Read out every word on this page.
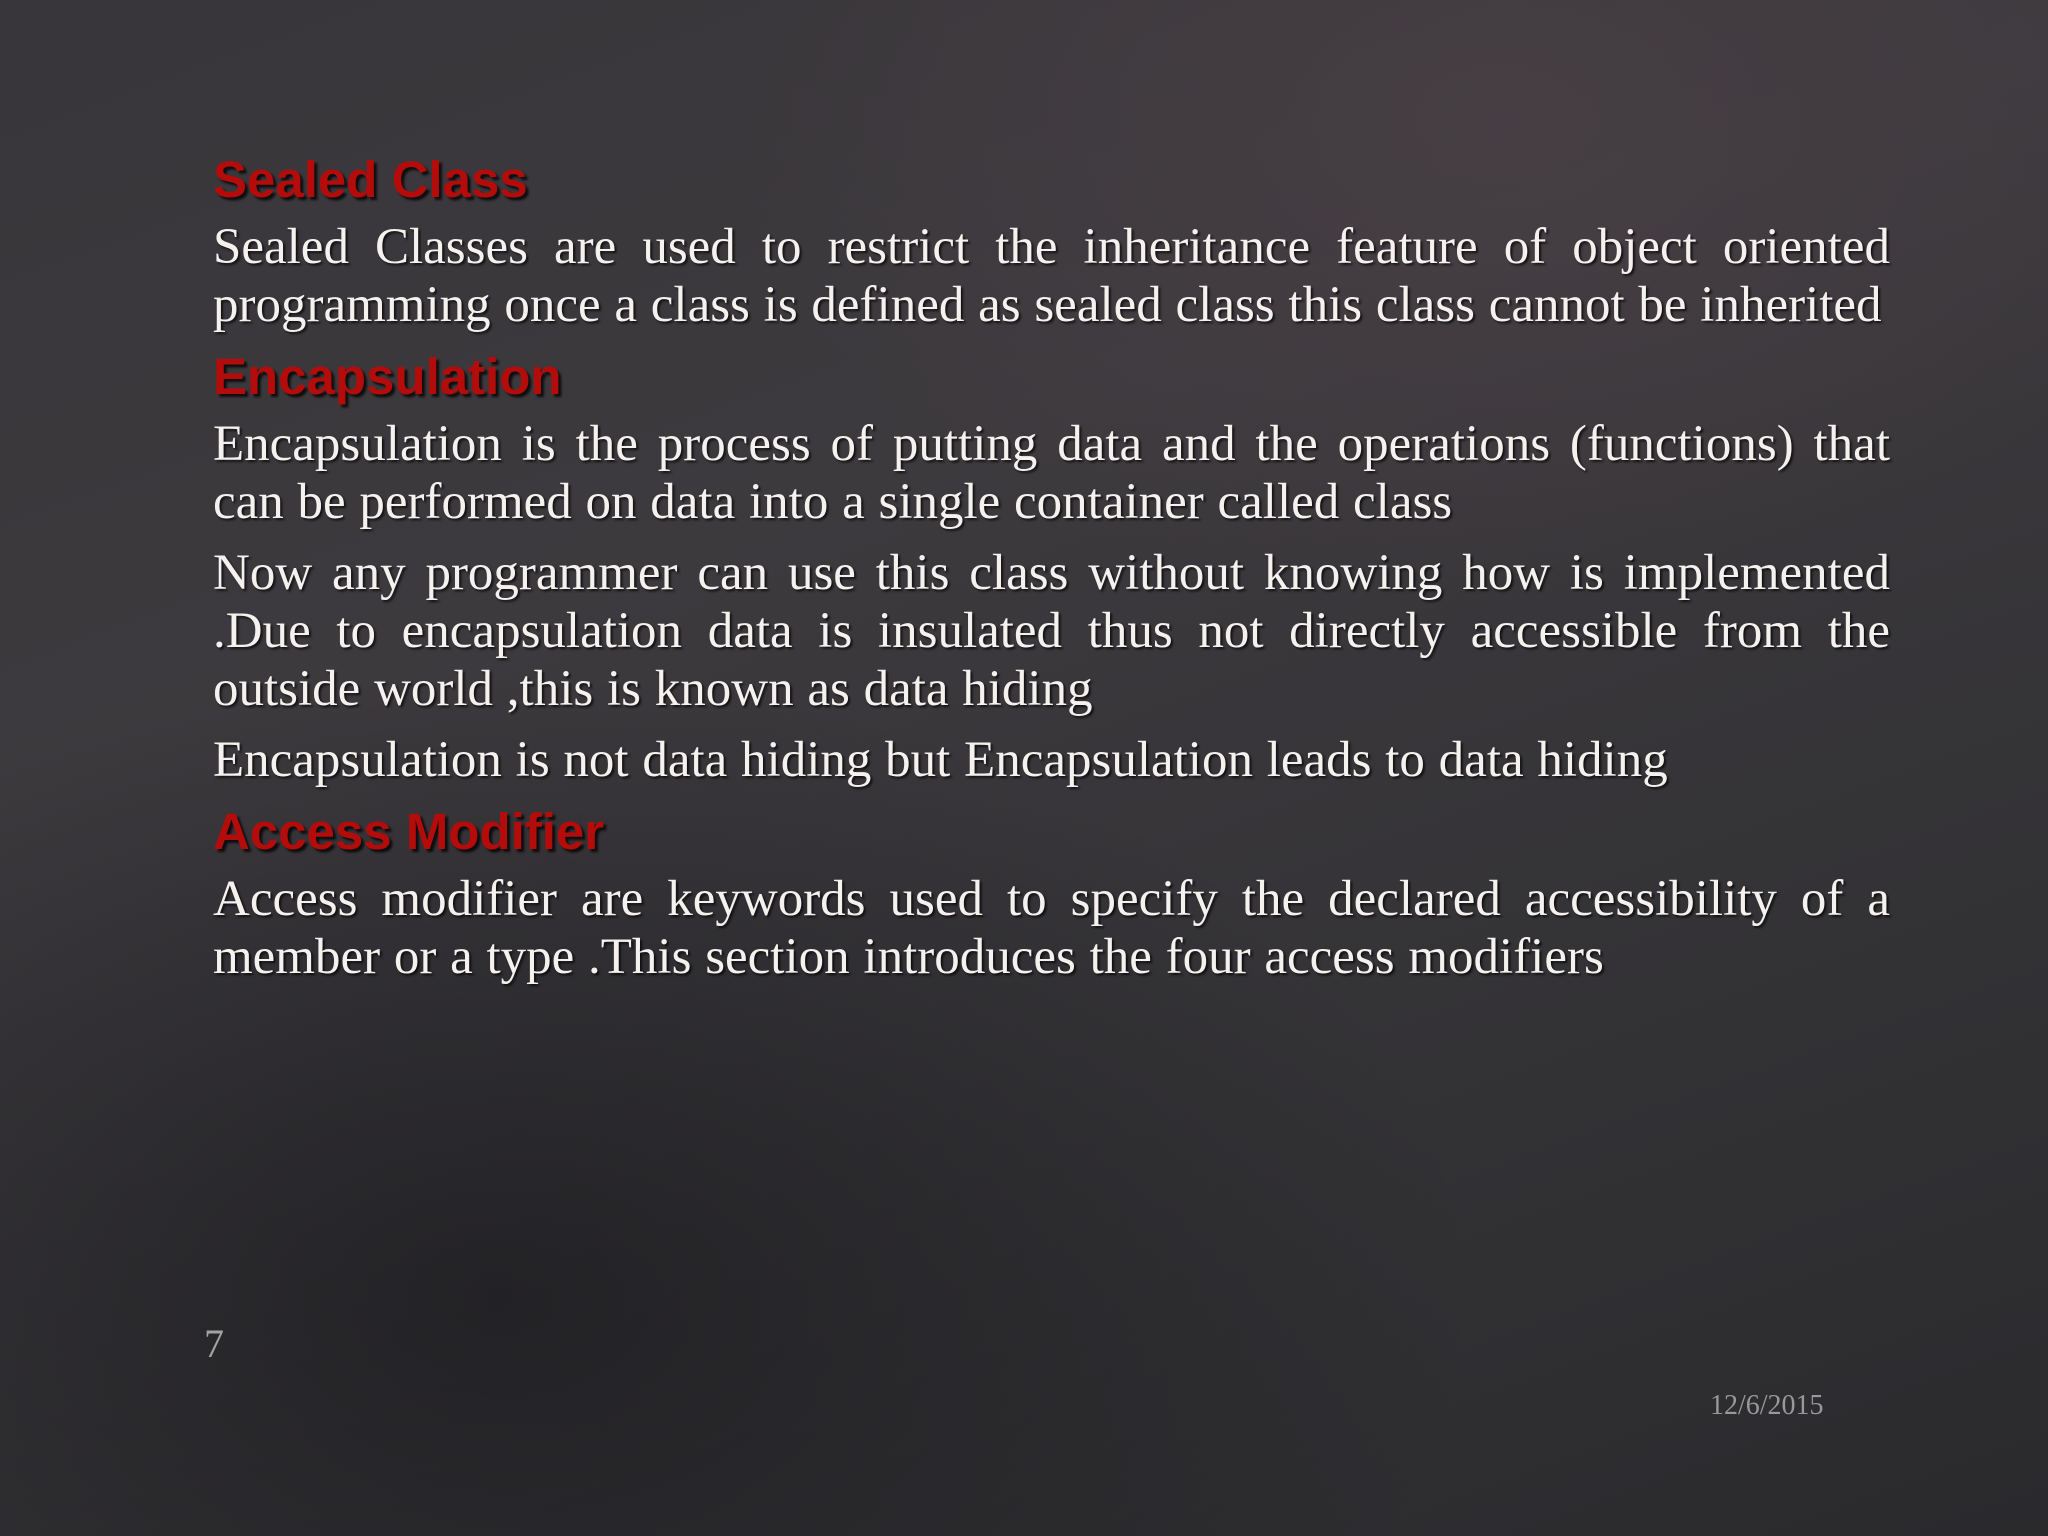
Sealed Class
Sealed Classes are used to restrict the inheritance feature of object oriented programming once a class is defined as sealed class this class cannot be inherited
Encapsulation
Encapsulation is the process of putting data and the operations (functions) that can be performed on data into a single container called class
Now any programmer can use this class without knowing how is implemented .Due to encapsulation data is insulated thus not directly accessible from the outside world ,this is known as data hiding
Encapsulation is not data hiding but Encapsulation leads to data hiding
Access Modifier
Access modifier are keywords used to specify the declared accessibility of a member or a type .This section introduces the four access modifiers
7
12/6/2015
